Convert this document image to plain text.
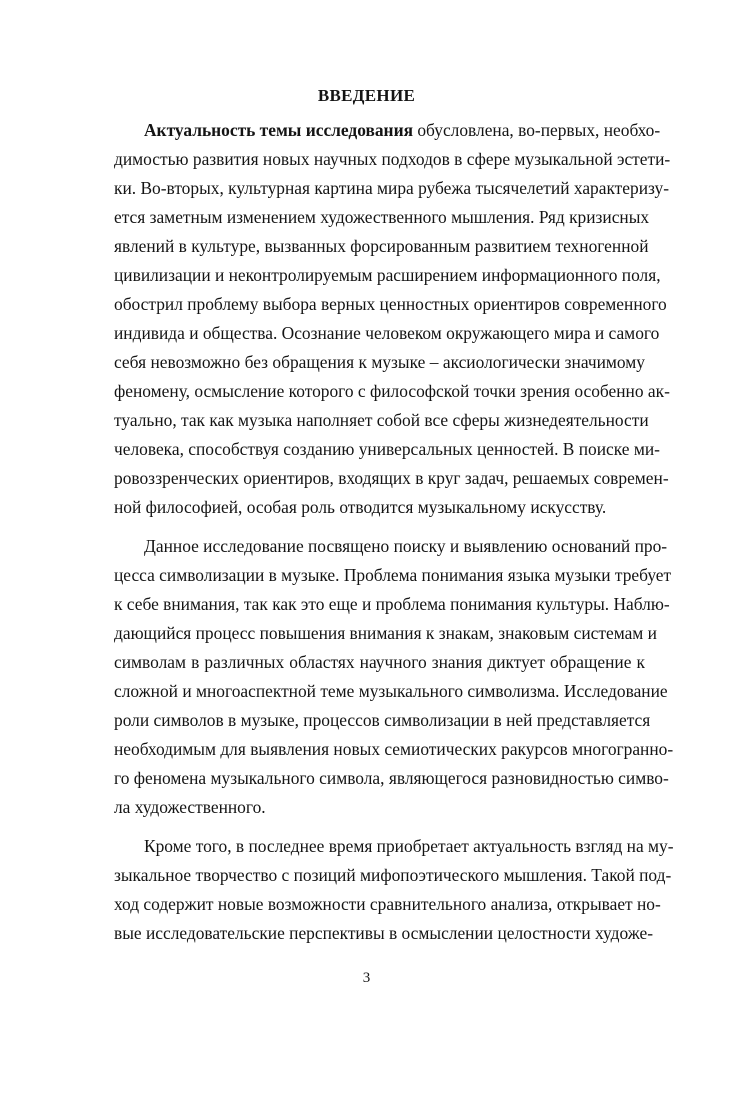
ВВЕДЕНИЕ

Актуальность темы исследования обусловлена, во-первых, необхо-

димостью развития новых научных подходов в сфере музыкальной эстети-

ки. Во-вторых, культурная картина мира рубежа тысячелетий характеризу-

ется заметным изменением художественного мышления. Ряд кризисных

явлений в культуре, вызванных форсированным развитием техногенной

цивилизации и неконтролируемым расширением информационного поля,

обострил проблему выбора верных ценностных ориентиров современного

индивида и общества. Осознание человеком окружающего мира и самого

себя невозможно без обращения к музыке – аксиологически значимому

феномену, осмысление которого с философской точки зрения особенно ак-

туально, так как музыка наполняет собой все сферы жизнедеятельности

человека, способствуя созданию универсальных ценностей. В поиске ми-

ровоззренческих ориентиров, входящих в круг задач, решаемых современ-

ной философией, особая роль отводится музыкальному искусству.

Данное исследование посвящено поиску и выявлению оснований про-

цесса символизации в музыке. Проблема понимания языка музыки требует

к себе внимания, так как это еще и проблема понимания культуры. Наблю-

дающийся процесс повышения внимания к знакам, знаковым системам и

символам в различных областях научного знания диктует обращение к

сложной и многоаспектной теме музыкального символизма. Исследование

роли символов в музыке, процессов символизации в ней представляется

необходимым для выявления новых семиотических ракурсов многогранно-

го феномена музыкального символа, являющегося разновидностью симво-

ла художественного.

Кроме того, в последнее время приобретает актуальность взгляд на му-

зыкальное творчество с позиций мифопоэтического мышления. Такой под-

ход содержит новые возможности сравнительного анализа, открывает но-

вые исследовательские перспективы в осмыслении целостности художе-

3
